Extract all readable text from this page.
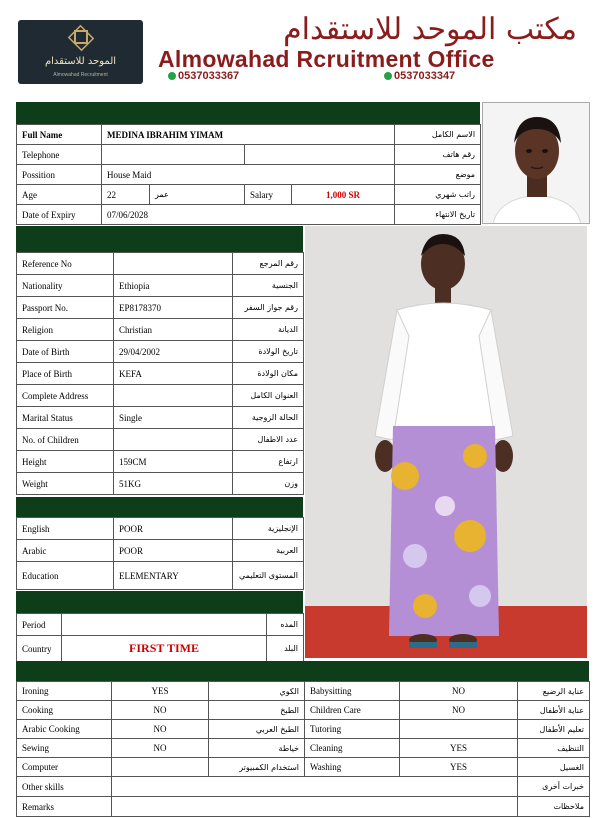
الموحد للاستقدام
Almowahad Recruitment
مكتب الموحد للاستقدام
Almowahad Rcruitment Office
0537033367	0537033347
Full Name	MEDINA IBRAHIM YIMAM				الاسم الكامل
Telephone					رقم هاتف
Possition	House Maid				موضع
Age	22	عمر	Salary	1,000 SR	راتب شهري
Date of Expiry	07/06/2028				تاريخ الانتهاء
Reference No		رقم المرجع
Nationality	Ethiopia	الجنسية
Passport No.	EP8178370	رقم جواز السفر
Religion	Christian	الديانة
Date of Birth	29/04/2002	تاريخ الولادة
Place of Birth	KEFA	مكان الولادة
Complete Address		العنوان الكامل
Marital Status	Single	الحالة الزوجية
No. of Children		عدد الاطفال
Height	159CM	ارتفاع
Weight	51KG	وزن
English	POOR	الإنجليزية
Arabic	POOR	العربية
Education	ELEMENTARY	المستوى التعليمي
Period		المده
Country	FIRST TIME	البلد
Ironing	YES	الكوي	Babysitting	NO	عناية الرضيع
Cooking	NO	الطبخ	Children Care	NO	عناية الأطفال
Arabic Cooking	NO	الطبخ العربي	Tutoring		تعليم الأطفال
Sewing	NO	خياطة	Cleaning	YES	التنظيف
Computer		استخدام الكمبيوتر	Washing	YES	الغسيل
Other skills					خبرات أخرى
Remarks					ملاحظات
